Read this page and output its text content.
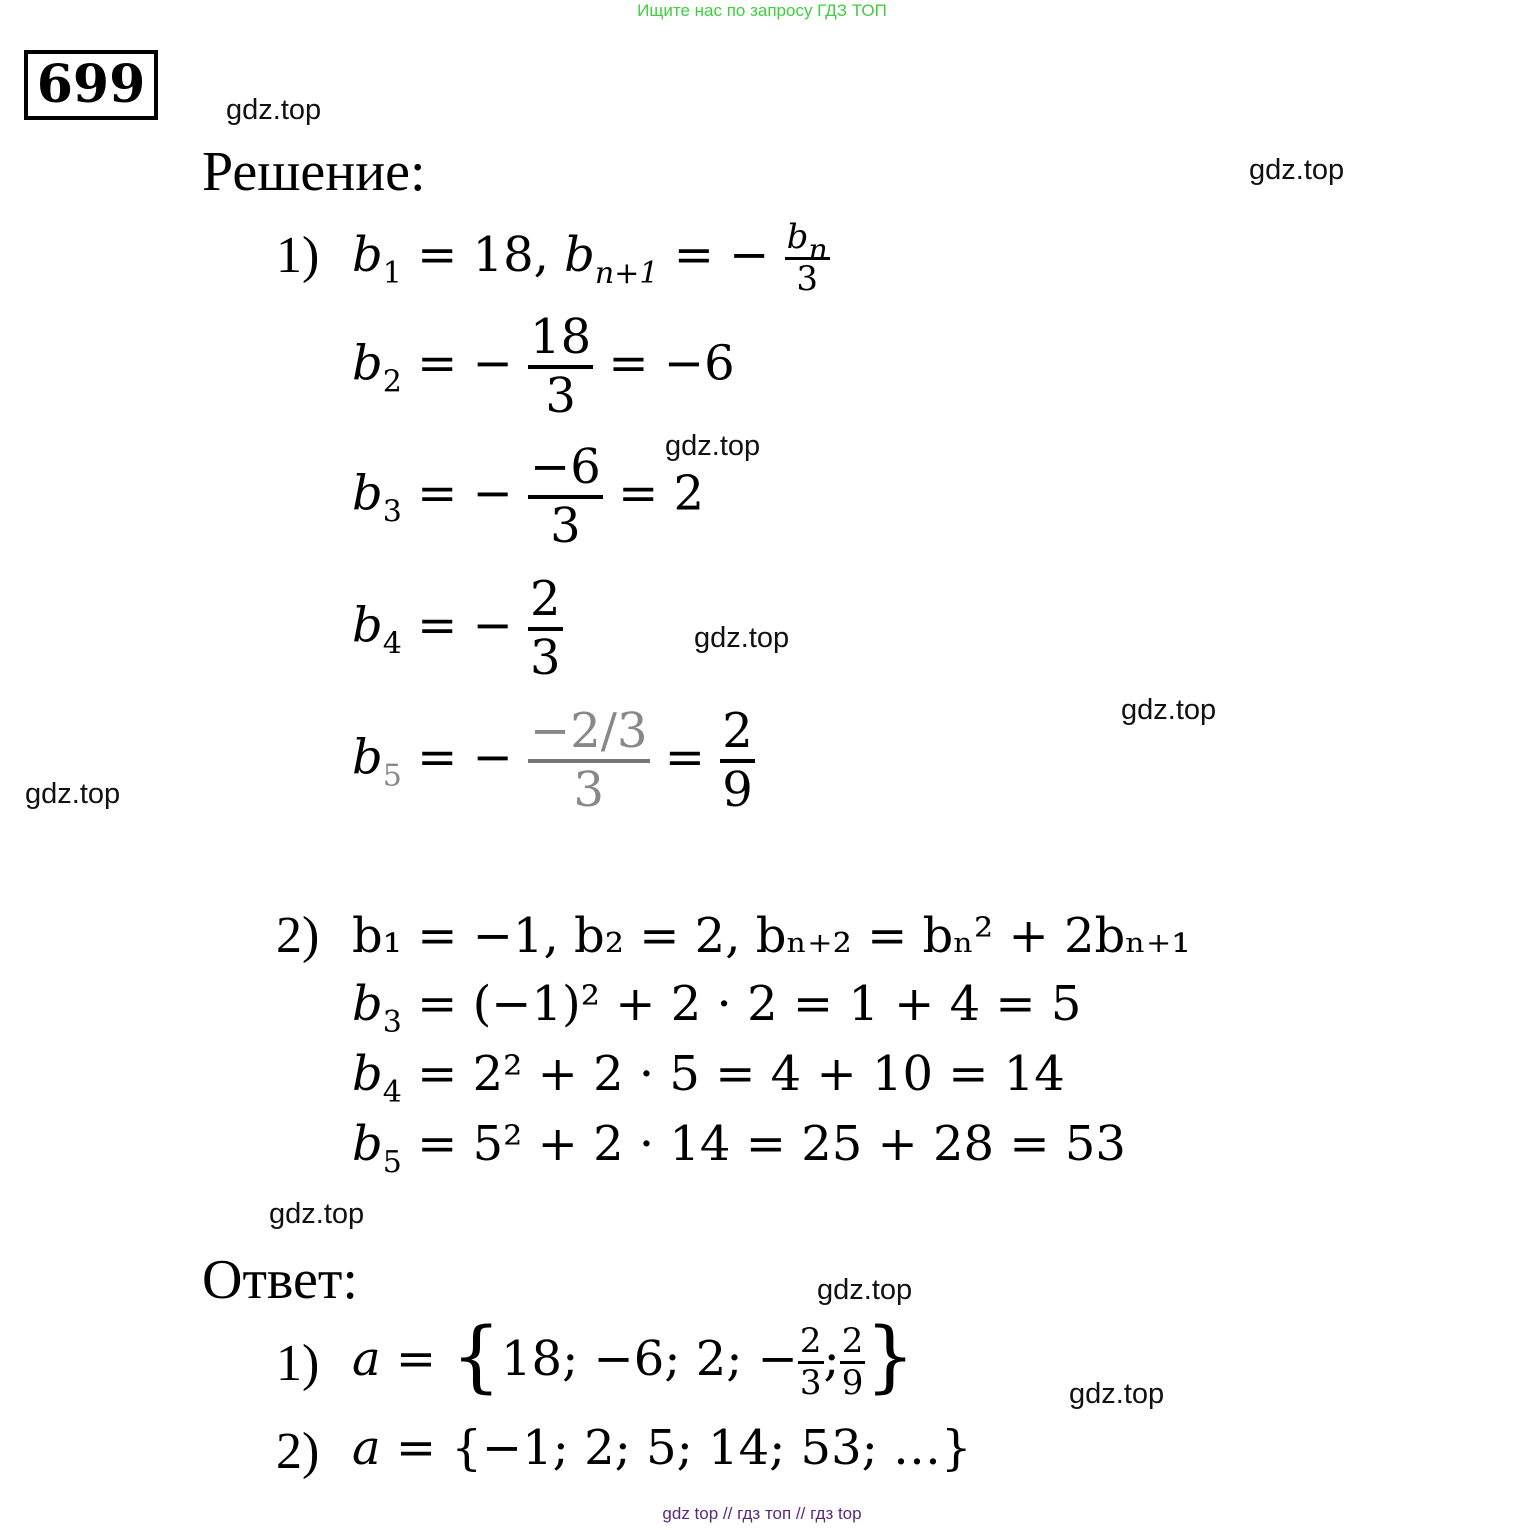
Ищите нас по запросу ГДЗ ТОП
699	gdz.top
gdz.top
gdz.top
gdz.top
gdz.top
gdz.top
gdz.top
gdz.top
gdz.top
Решение:
1) $b_1 = 18$, $b_{n+1}$ = − $\frac{b_n}{3}$
$b_2$ = − $\frac{18}{3} = -6$
$b_3$ = − $\frac{-6}{3} = 2$
$b_4$ = − $\frac{2}{3}$
$b_5$ = − $\frac{-2/3}{3} = \frac{2}{9}$
2) b₁ = −1, b₂ = 2, bₙ₊₂ = bₙ² + 2bₙ₊₁
$b_3 = (-1)^2 + 2 \cdot 2 = 1 + 4 = 5$
$b_4 = 2^2 + 2 \cdot 5 = 4 + 10 = 14$
$b_5 = 5^2 + 2 \cdot 14 = 25 + 28 = 53$
Ответ:
1) a = {18; −6; 2; − $\frac{2}{3}$ ; $\frac{2}{9}$ }
2) a = {−1; 2; 5; 14; 53; …}
gdz top // гдз топ // гдз top
